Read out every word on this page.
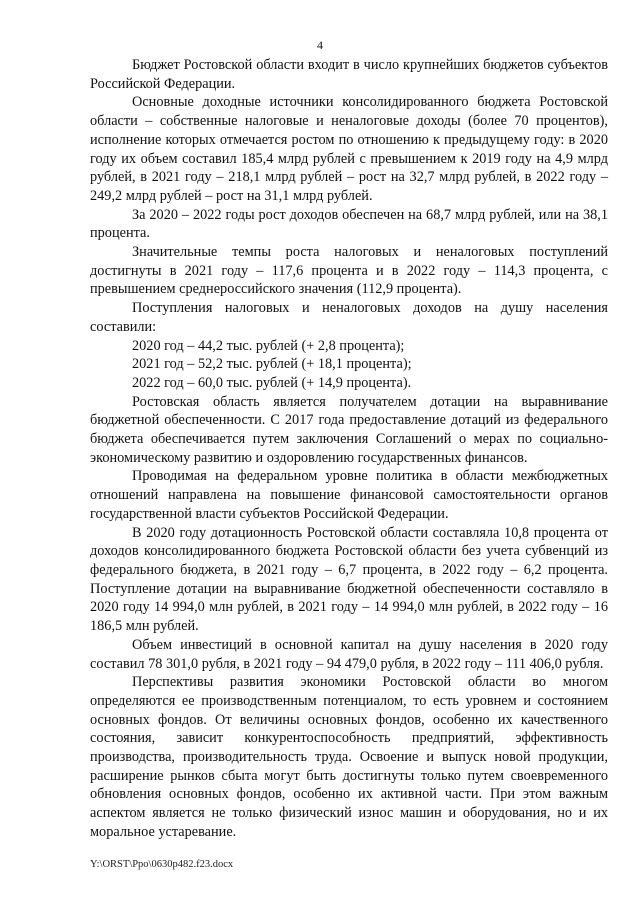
4

Бюджет Ростовской области входит в число крупнейших бюджетов субъектов Российской Федерации.

Основные доходные источники консолидированного бюджета Ростовской области – собственные налоговые и неналоговые доходы (более 70 процентов), исполнение которых отмечается ростом по отношению к предыдущему году: в 2020 году их объем составил 185,4 млрд рублей с превышением к 2019 году на 4,9 млрд рублей, в 2021 году – 218,1 млрд рублей – рост на 32,7 млрд рублей, в 2022 году – 249,2 млрд рублей – рост на 31,1 млрд рублей.

За 2020 – 2022 годы рост доходов обеспечен на 68,7 млрд рублей, или на 38,1 процента.

Значительные темпы роста налоговых и неналоговых поступлений достигнуты в 2021 году – 117,6 процента и в 2022 году – 114,3 процента, с превышением среднероссийского значения (112,9 процента).

Поступления налоговых и неналоговых доходов на душу населения составили:

2020 год – 44,2 тыс. рублей (+ 2,8 процента);

2021 год – 52,2 тыс. рублей (+ 18,1 процента);

2022 год – 60,0 тыс. рублей (+ 14,9 процента).

Ростовская область является получателем дотации на выравнивание бюджетной обеспеченности. С 2017 года предоставление дотаций из федерального бюджета обеспечивается путем заключения Соглашений о мерах по социально-экономическому развитию и оздоровлению государственных финансов.

Проводимая на федеральном уровне политика в области межбюджетных отношений направлена на повышение финансовой самостоятельности органов государственной власти субъектов Российской Федерации.

В 2020 году дотационность Ростовской области составляла 10,8 процента от доходов консолидированного бюджета Ростовской области без учета субвенций из федерального бюджета, в 2021 году – 6,7 процента, в 2022 году – 6,2 процента. Поступление дотации на выравнивание бюджетной обеспеченности составляло в 2020 году 14 994,0 млн рублей, в 2021 году – 14 994,0 млн рублей, в 2022 году – 16 186,5 млн рублей.

Объем инвестиций в основной капитал на душу населения в 2020 году составил 78 301,0 рубля, в 2021 году – 94 479,0 рубля, в 2022 году – 111 406,0 рубля.

Перспективы развития экономики Ростовской области во многом определяются ее производственным потенциалом, то есть уровнем и состоянием основных фондов. От величины основных фондов, особенно их качественного состояния, зависит конкурентоспособность предприятий, эффективность производства, производительность труда. Освоение и выпуск новой продукции, расширение рынков сбыта могут быть достигнуты только путем своевременного обновления основных фондов, особенно их активной части. При этом важным аспектом является не только физический износ машин и оборудования, но и их моральное устаревание.

Y:\ORST\Ppo\0630p482.f23.docx
